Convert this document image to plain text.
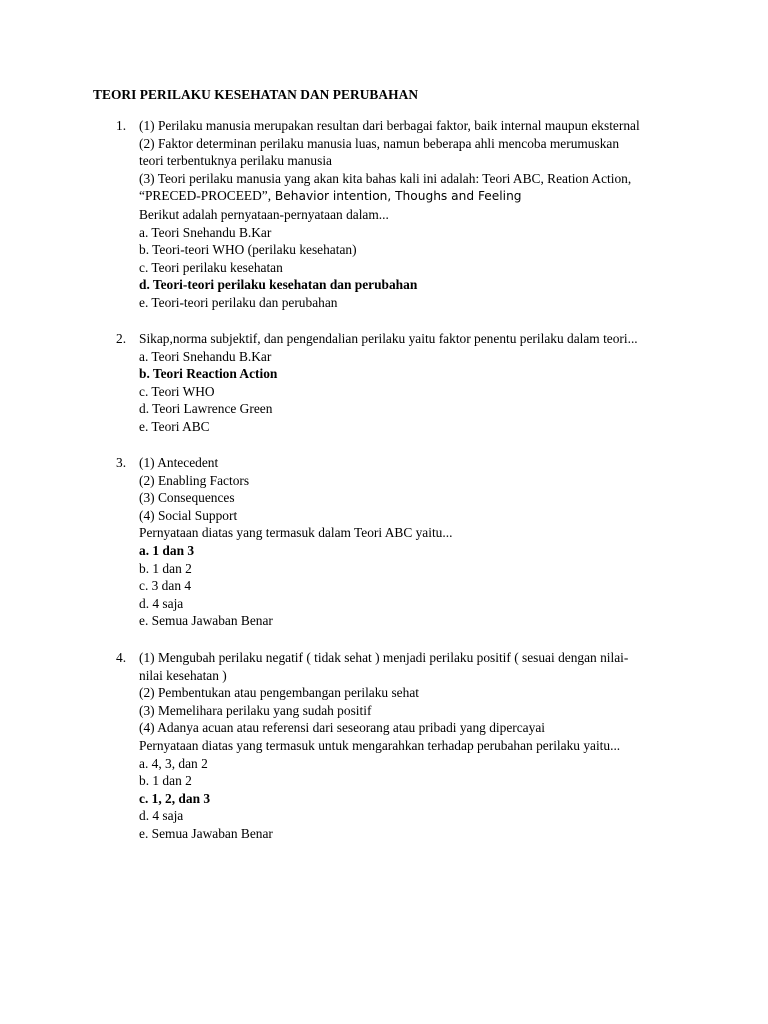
TEORI PERILAKU KESEHATAN DAN PERUBAHAN
1. (1) Perilaku manusia merupakan resultan dari berbagai faktor, baik internal maupun eksternal
(2) Faktor determinan perilaku manusia luas, namun beberapa ahli mencoba merumuskan
teori terbentuknya perilaku manusia
(3) Teori perilaku manusia yang akan kita bahas kali ini adalah: Teori ABC, Reation Action,
“PRECED-PROCEED”, Behavior intention, Thoughs and Feeling
Berikut adalah pernyataan-pernyataan dalam...
a. Teori Snehandu B.Kar
b. Teori-teori WHO (perilaku kesehatan)
c. Teori perilaku kesehatan
d. Teori-teori perilaku kesehatan dan perubahan
e. Teori-teori perilaku dan perubahan
2. Sikap,norma subjektif, dan pengendalian perilaku yaitu faktor penentu perilaku dalam teori...
a. Teori Snehandu B.Kar
b. Teori Reaction Action
c. Teori WHO
d. Teori Lawrence Green
e. Teori ABC
3. (1) Antecedent
(2) Enabling Factors
(3) Consequences
(4) Social Support
Pernyataan diatas yang termasuk dalam Teori ABC yaitu...
a. 1 dan 3
b. 1 dan 2
c. 3 dan 4
d. 4 saja
e. Semua Jawaban Benar
4. (1) Mengubah perilaku negatif ( tidak sehat ) menjadi perilaku positif ( sesuai dengan nilai-
nilai kesehatan )
(2) Pembentukan atau pengembangan perilaku sehat
(3) Memelihara perilaku yang sudah positif
(4) Adanya acuan atau referensi dari seseorang atau pribadi yang dipercayai
Pernyataan diatas yang termasuk untuk mengarahkan terhadap perubahan perilaku yaitu...
a. 4, 3, dan 2
b. 1 dan 2
c. 1, 2, dan 3
d. 4 saja
e. Semua Jawaban Benar
